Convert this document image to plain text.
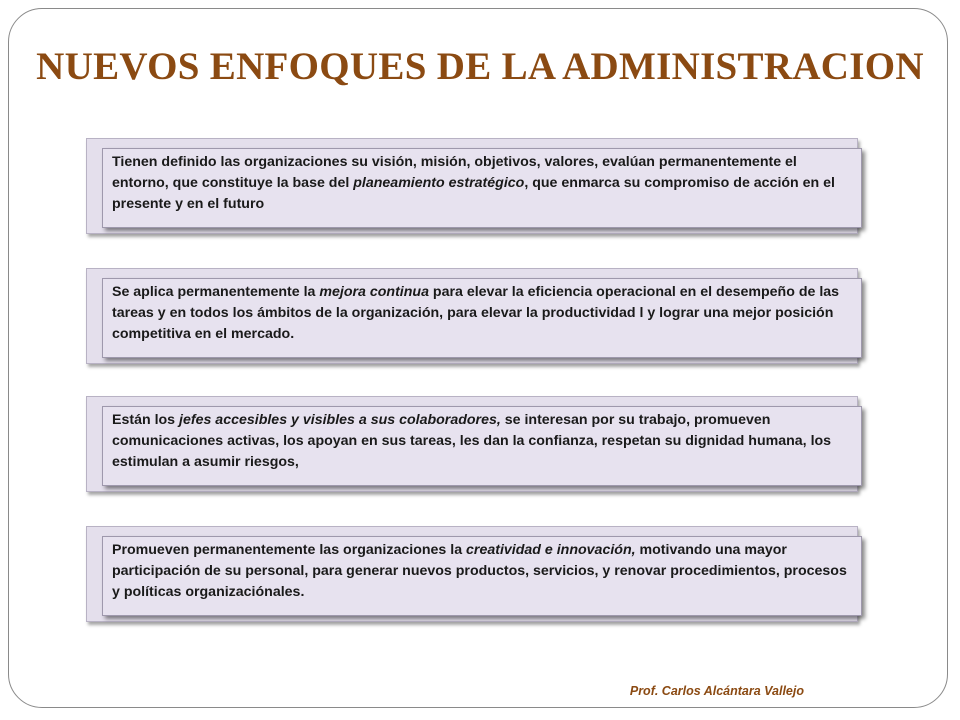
NUEVOS ENFOQUES DE LA ADMINISTRACION

Tienen definido las organizaciones su visión, misión, objetivos, valores, evalúan permanentemente el entorno, que constituye la base del planeamiento estratégico, que enmarca su compromiso de acción en el presente y en el futuro

Se aplica permanentemente la mejora continua para elevar la eficiencia operacional en el desempeño de las tareas y en todos los ámbitos de la organización, para elevar la productividad l y lograr una mejor posición competitiva en el mercado.

Están los jefes accesibles y visibles a sus colaboradores, se interesan por su trabajo, promueven comunicaciones activas, los apoyan en sus tareas, les dan la confianza, respetan su dignidad humana, los estimulan a asumir riesgos,

Promueven permanentemente las organizaciones la creatividad e innovación, motivando una mayor participación de su personal, para generar nuevos productos, servicios, y renovar procedimientos, procesos y políticas organizaciónales.

Prof. Carlos Alcántara Vallejo
